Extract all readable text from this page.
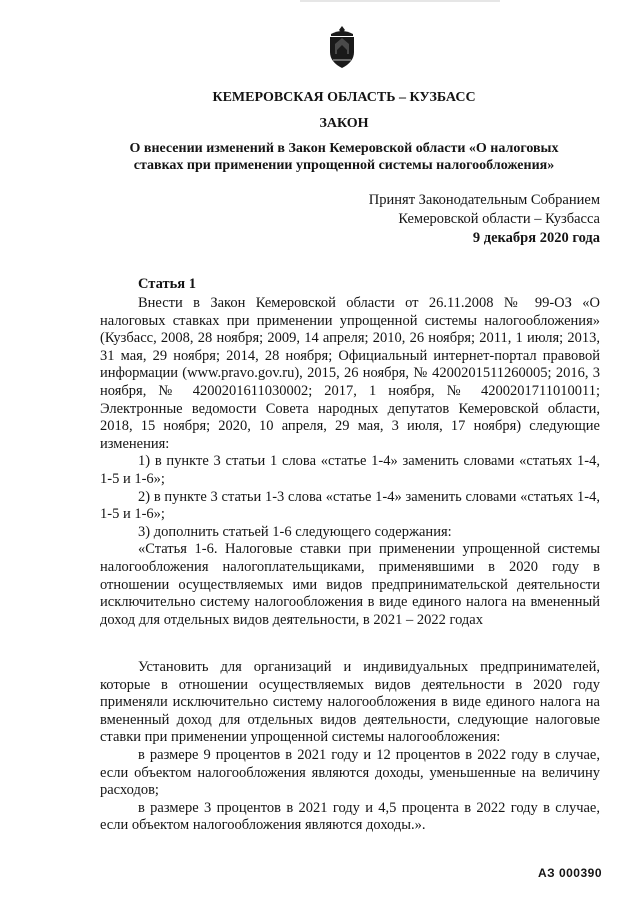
КЕМЕРОВСКАЯ ОБЛАСТЬ – КУЗБАСС
ЗАКОН
О внесении изменений в Закон Кемеровской области «О налоговых
ставках при применении упрощенной системы налогообложения»
Принят Законодательным Собранием
Кемеровской области – Кузбасса
9 декабря 2020 года
Статья 1

Внести в Закон Кемеровской области от 26.11.2008 № 99-ОЗ «О налоговых ставках при применении упрощенной системы налогообложения» (Кузбасс, 2008, 28 ноября; 2009, 14 апреля; 2010, 26 ноября; 2011, 1 июля; 2013, 31 мая, 29 ноября; 2014, 28 ноября; Официальный интернет-портал правовой информации (www.pravo.gov.ru), 2015, 26 ноября, № 4200201511260005; 2016, 3 ноября, № 4200201611030002; 2017, 1 ноября, № 4200201711010011; Электронные ведомости Совета народных депутатов Кемеровской области, 2018, 15 ноября; 2020, 10 апреля, 29 мая, 3 июля, 17 ноября) следующие изменения:

1) в пункте 3 статьи 1 слова «статье 1-4» заменить словами «статьях 1-4, 1-5 и 1-6»;

2) в пункте 3 статьи 1-3 слова «статье 1-4» заменить словами «статьях 1-4, 1-5 и 1-6»;

3) дополнить статьей 1-6 следующего содержания:

«Статья 1-6. Налоговые ставки при применении упрощенной системы налогообложения налогоплательщиками, применявшими в 2020 году в отношении осуществляемых ими видов предпринимательской деятельности исключительно систему налогообложения в виде единого налога на вмененный доход для отдельных видов деятельности, в 2021 – 2022 годах

Установить для организаций и индивидуальных предпринимателей, которые в отношении осуществляемых видов деятельности в 2020 году применяли исключительно систему налогообложения в виде единого налога на вмененный доход для отдельных видов деятельности, следующие налоговые ставки при применении упрощенной системы налогообложения:

в размере 9 процентов в 2021 году и 12 процентов в 2022 году в случае, если объектом налогообложения являются доходы, уменьшенные на величину расходов;

в размере 3 процентов в 2021 году и 4,5 процента в 2022 году в случае, если объектом налогообложения являются доходы.».

АЗ 000390
